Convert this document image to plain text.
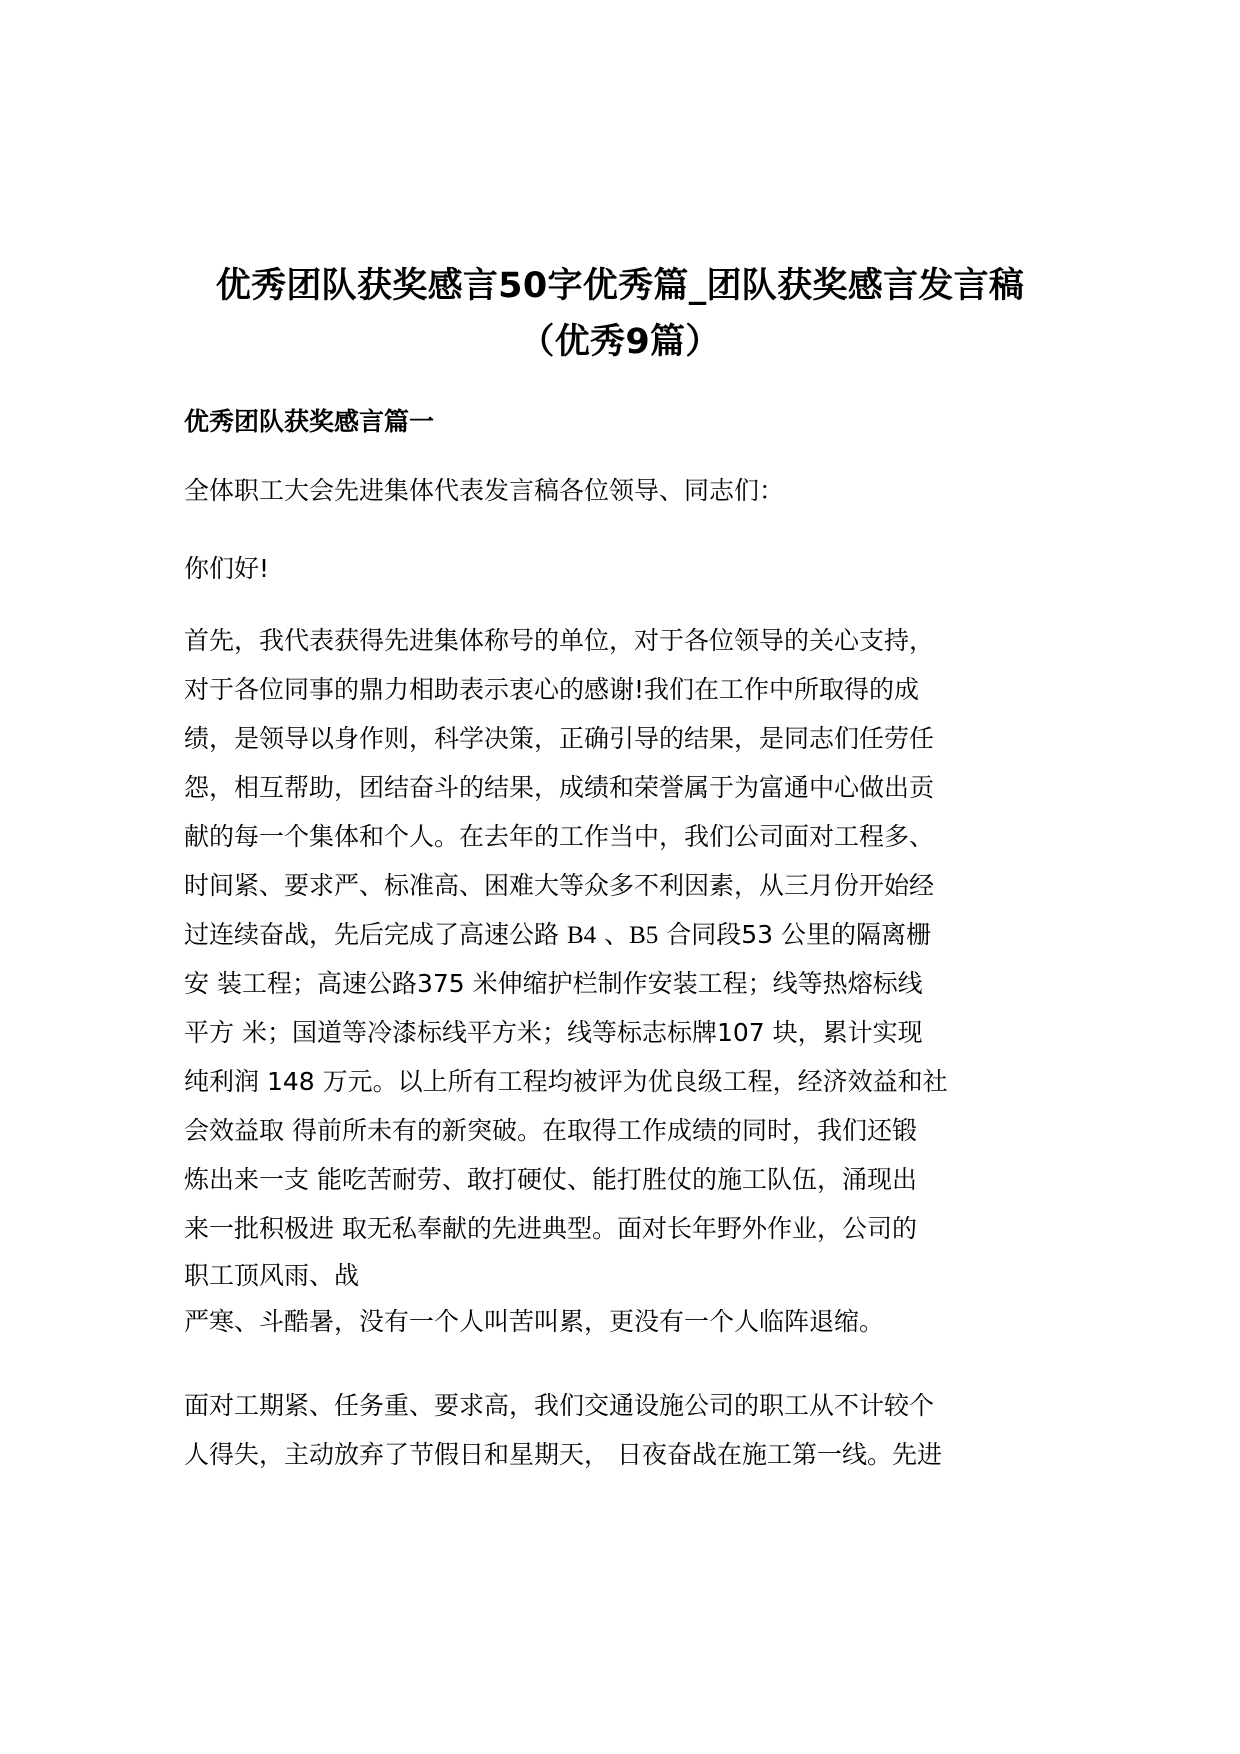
优秀团队获奖感言50字优秀篇_团队获奖感言发言稿
（优秀9篇）
优秀团队获奖感言篇一
全体职工大会先进集体代表发言稿各位领导、同志们：
你们好!
首先，我代表获得先进集体称号的单位，对于各位领导的关心支持，
对于各位同事的鼎力相助表示衷心的感谢!我们在工作中所取得的成
绩，是领导以身作则，科学决策，正确引导的结果，是同志们任劳任
怨，相互帮助，团结奋斗的结果，成绩和荣誉属于为富通中心做出贡
献的每一个集体和个人。在去年的工作当中，我们公司面对工程多、
时间紧、要求严、标准高、困难大等众多不利因素，从三月份开始经
过连续奋战，先后完成了高速公路 B4 、B5 合同段53 公里的隔离栅
安 装工程；高速公路375 米伸缩护栏制作安装工程；线等热熔标线
平方 米；国道等冷漆标线平方米；线等标志标牌107 块，累计实现
纯利润 148 万元。以上所有工程均被评为优良级工程，经济效益和社
会效益取 得前所未有的新突破。在取得工作成绩的同时，我们还锻
炼出来一支 能吃苦耐劳、敢打硬仗、能打胜仗的施工队伍，涌现出
来一批积极进 取无私奉献的先进典型。面对长年野外作业，公司的
职工顶风雨、战
严寒、斗酷暑，没有一个人叫苦叫累，更没有一个人临阵退缩。
面对工期紧、任务重、要求高，我们交通设施公司的职工从不计较个
人得失，主动放弃了节假日和星期天， 日夜奋战在施工第一线。先进
